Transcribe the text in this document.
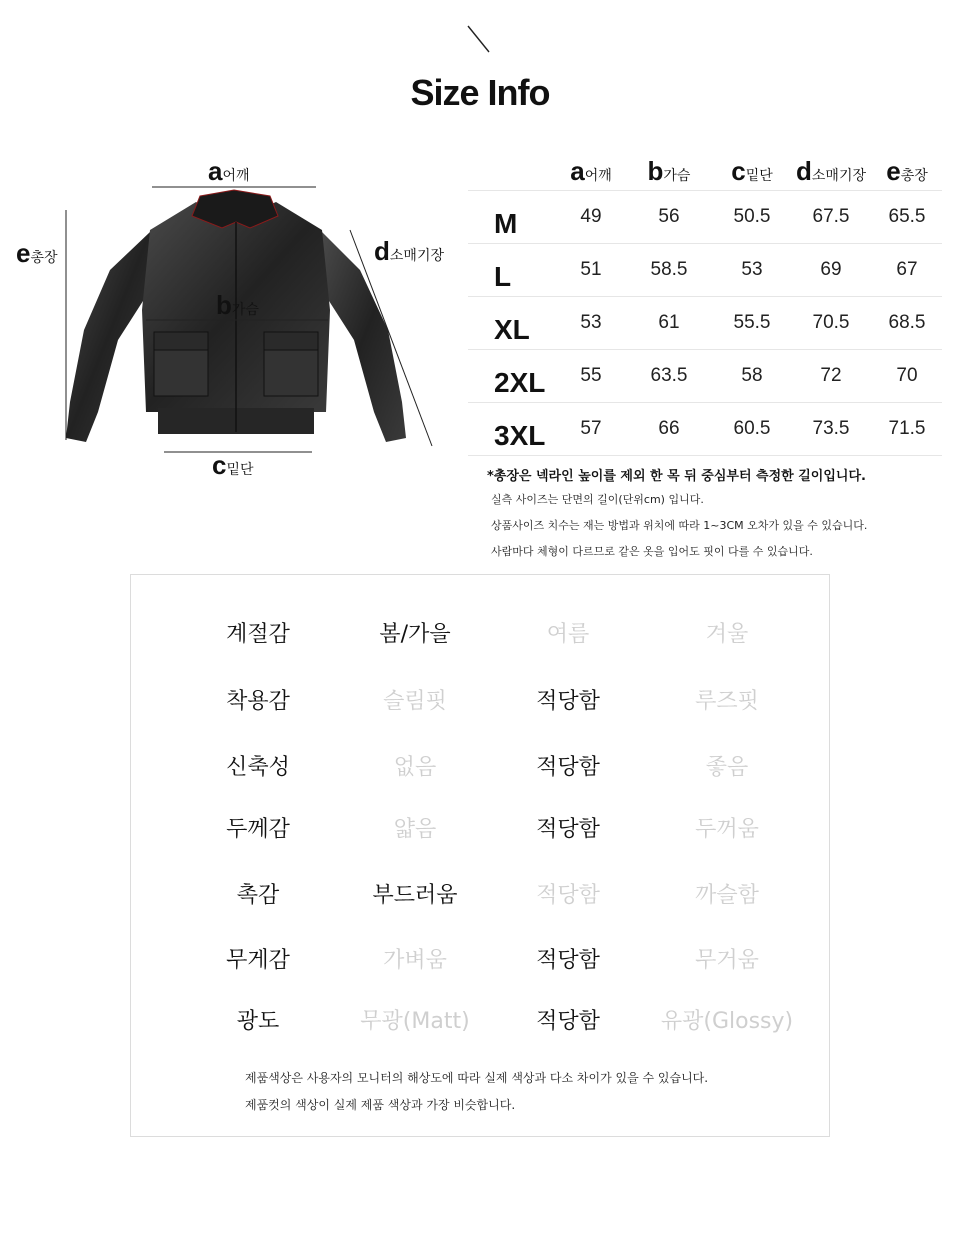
Size Info
a어깨
b가슴
c밑단
d소매기장
e총장
a어깨	b가슴	c밑단 d소매기장 e총장
M	49	56	50.5	67.5	65.5
L	51	58.5	53	69	67
XL	53	61	55.5	70.5	68.5
2XL	55	63.5	58	72	70
3XL	57	66	60.5	73.5	71.5
*총장은 넥라인 높이를 제외 한 목 뒤 중심부터 측정한 길이입니다.
실측 사이즈는 단면의 길이(단위cm) 입니다.
상품사이즈 치수는 재는 방법과 위치에 따라 1~3CM 오차가 있을 수 있습니다.
사람마다 체형이 다르므로 같은 옷을 입어도 핏이 다를 수 있습니다.
계절감	봄/가을	여름	겨울
착용감	슬림핏	적당함	루즈핏
신축성	없음	적당함	좋음
두께감	얇음	적당함	두꺼움
촉감	부드러움	적당함	까슬함
무게감	가벼움	적당함	무거움
광도	무광(Matt)	적당함	유광(Glossy)
제품색상은 사용자의 모니터의 해상도에 따라 실제 색상과 다소 차이가 있을 수 있습니다.
제품컷의 색상이 실제 제품 색상과 가장 비슷합니다.
